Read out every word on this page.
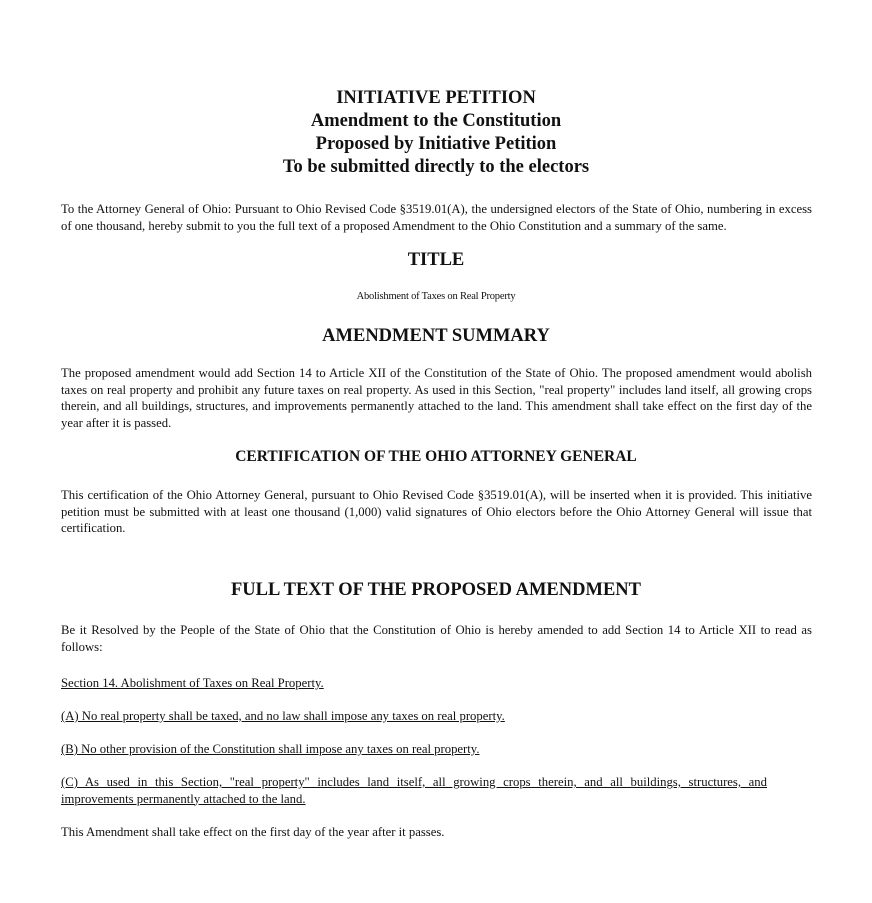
INITIATIVE PETITION
Amendment to the Constitution
Proposed by Initiative Petition
To be submitted directly to the electors
To the Attorney General of Ohio: Pursuant to Ohio Revised Code §3519.01(A), the undersigned electors of the State of Ohio, numbering in excess of one thousand, hereby submit to you the full text of a proposed Amendment to the Ohio Constitution and a summary of the same.
TITLE
Abolishment of Taxes on Real Property
AMENDMENT SUMMARY
The proposed amendment would add Section 14 to Article XII of the Constitution of the State of Ohio. The proposed amendment would abolish taxes on real property and prohibit any future taxes on real property. As used in this Section, "real property" includes land itself, all growing crops therein, and all buildings, structures, and improvements permanently attached to the land. This amendment shall take effect on the first day of the year after it is passed.
CERTIFICATION OF THE OHIO ATTORNEY GENERAL
This certification of the Ohio Attorney General, pursuant to Ohio Revised Code §3519.01(A), will be inserted when it is provided. This initiative petition must be submitted with at least one thousand (1,000) valid signatures of Ohio electors before the Ohio Attorney General will issue that certification.
FULL TEXT OF THE PROPOSED AMENDMENT
Be it Resolved by the People of the State of Ohio that the Constitution of Ohio is hereby amended to add Section 14 to Article XII to read as follows:
Section 14. Abolishment of Taxes on Real Property.
(A) No real property shall be taxed, and no law shall impose any taxes on real property.
(B) No other provision of the Constitution shall impose any taxes on real property.
(C) As used in this Section, "real property" includes land itself, all growing crops therein, and all buildings, structures, and
improvements permanently attached to the land.
This Amendment shall take effect on the first day of the year after it passes.
